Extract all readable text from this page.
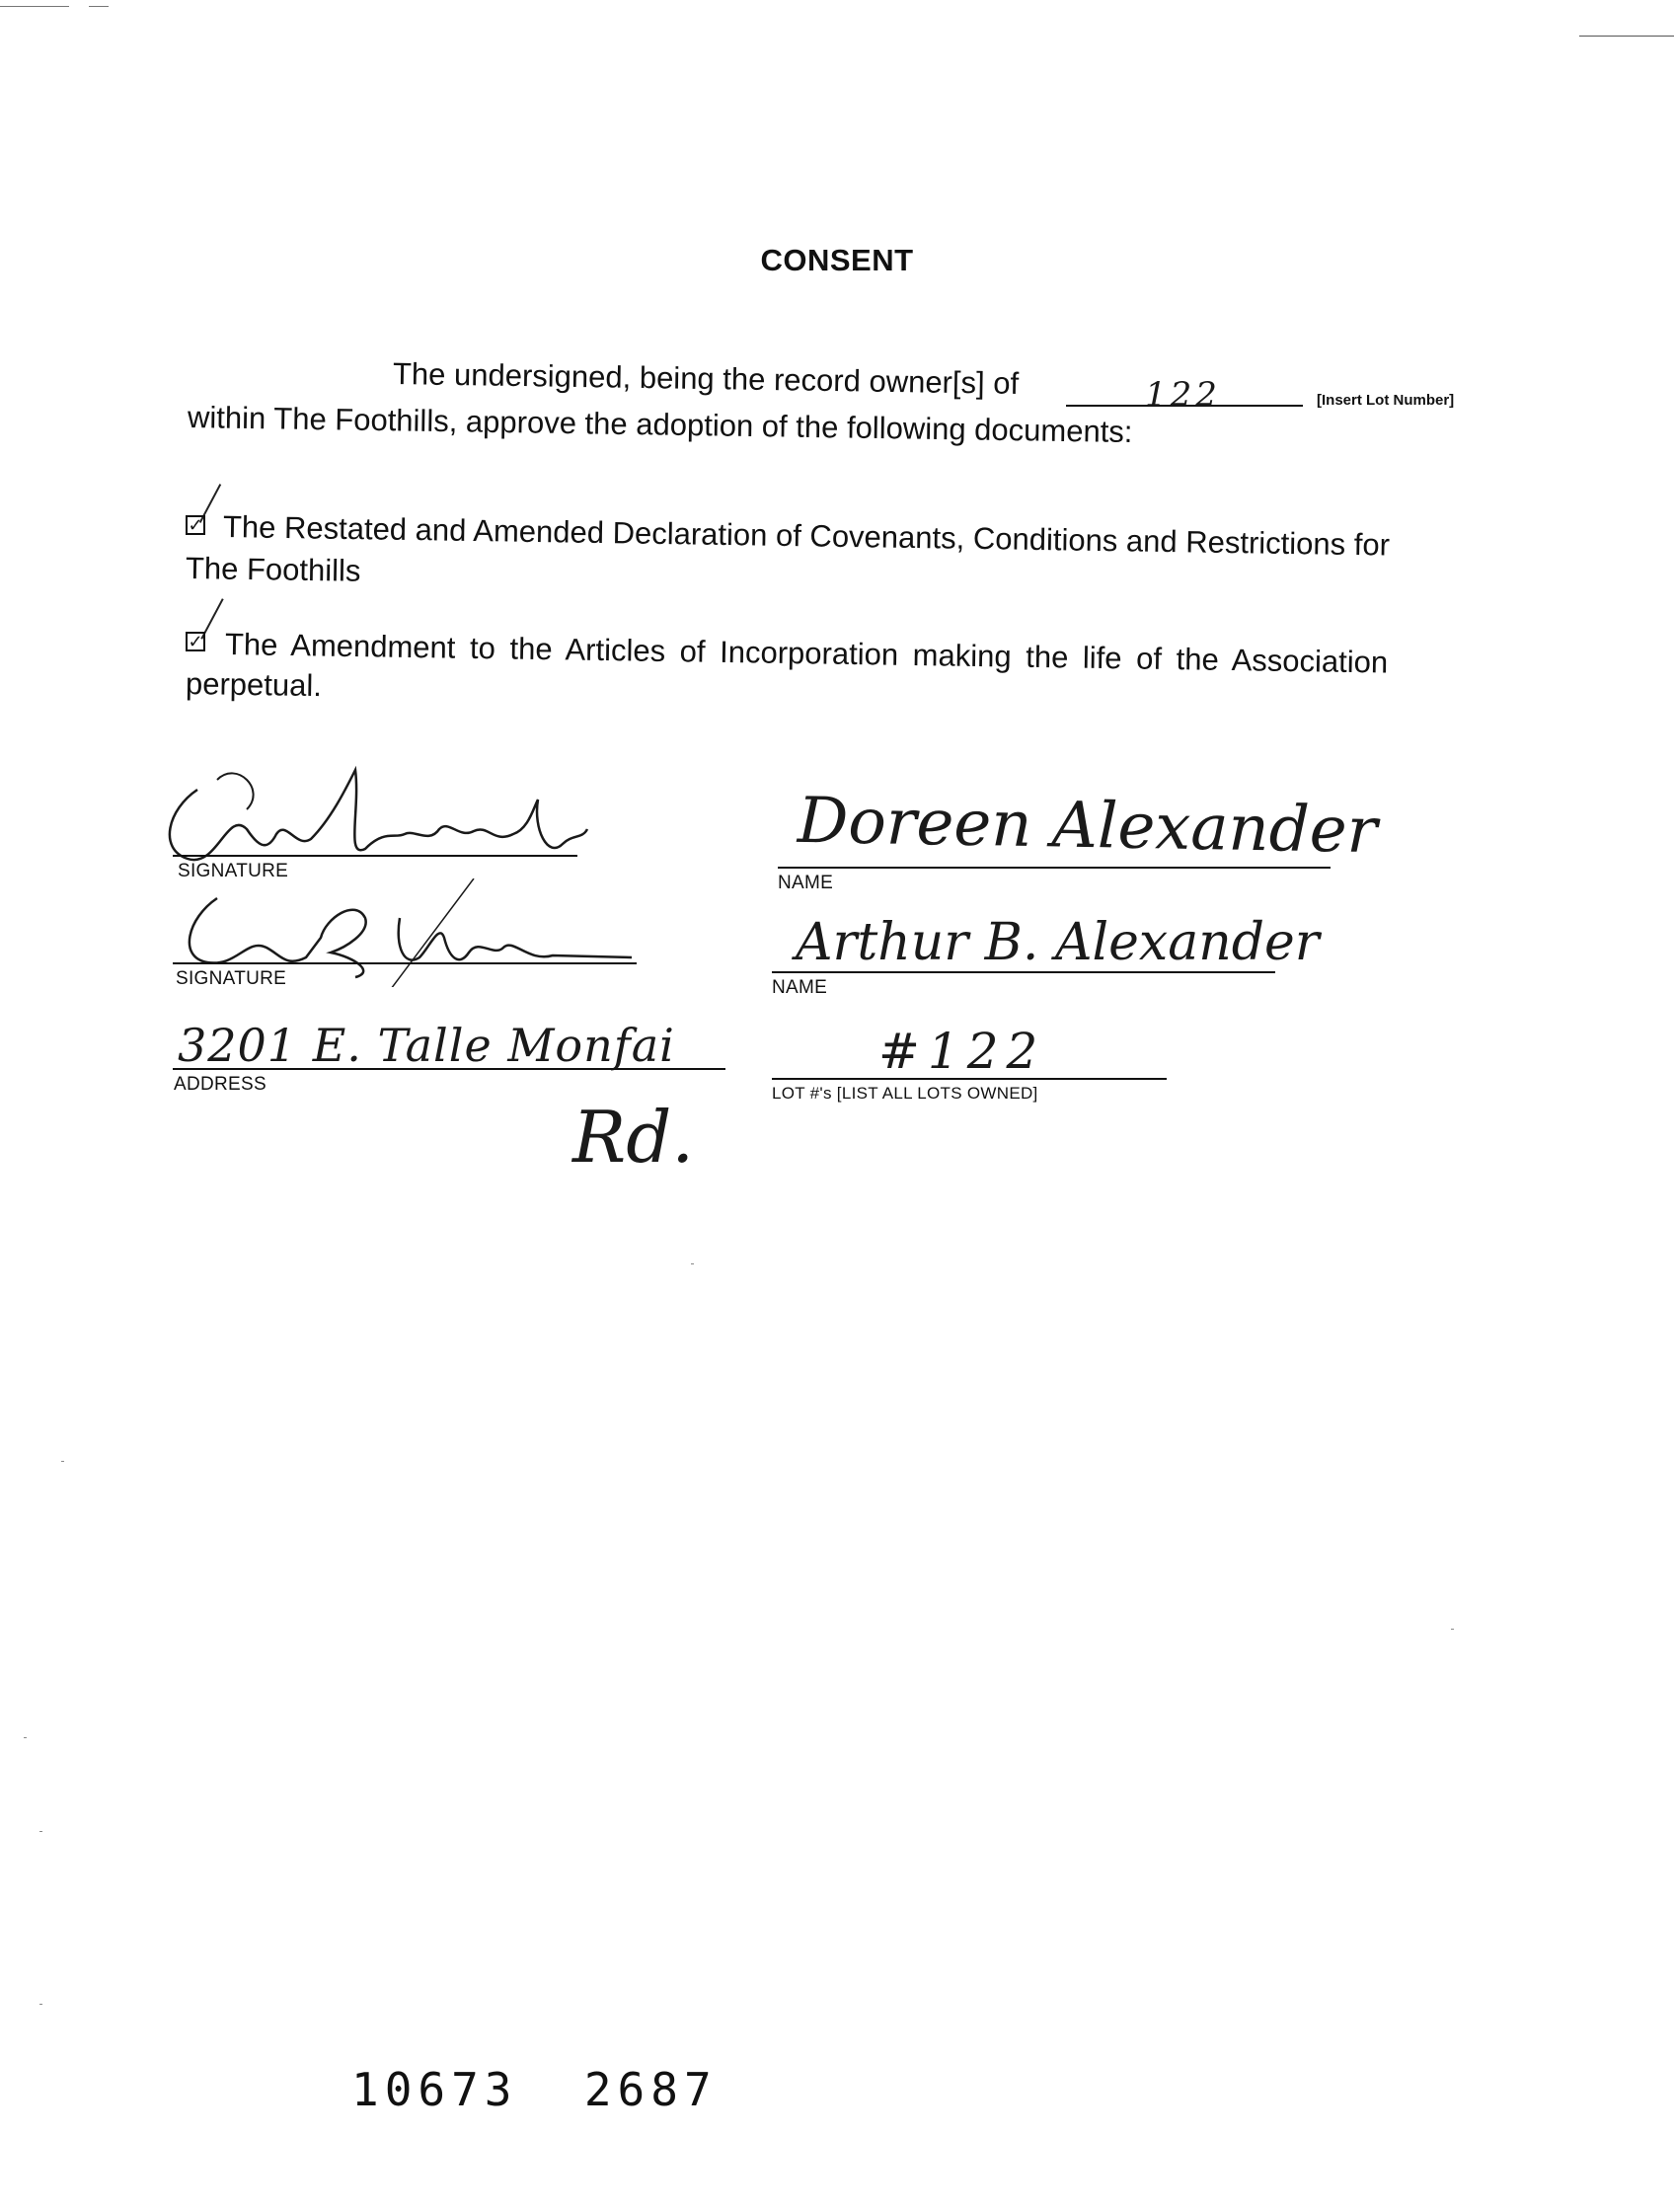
CONSENT
The undersigned, being the record owner[s] of	122	[Insert Lot Number]
within The Foothills, approve the adoption of the following documents:
✓ The Restated and Amended Declaration of Covenants, Conditions and Restrictions for
The Foothills
✓ The Amendment to the Articles of Incorporation making the life of the Association
perpetual.
SIGNATURE
Doreen Alexander
NAME
SIGNATURE
Arthur B. Alexander
NAME
3201 E. Talle Monfai
ADDRESS
Rd.
#122
LOT #'s [LIST ALL LOTS OWNED]
10673  2687
